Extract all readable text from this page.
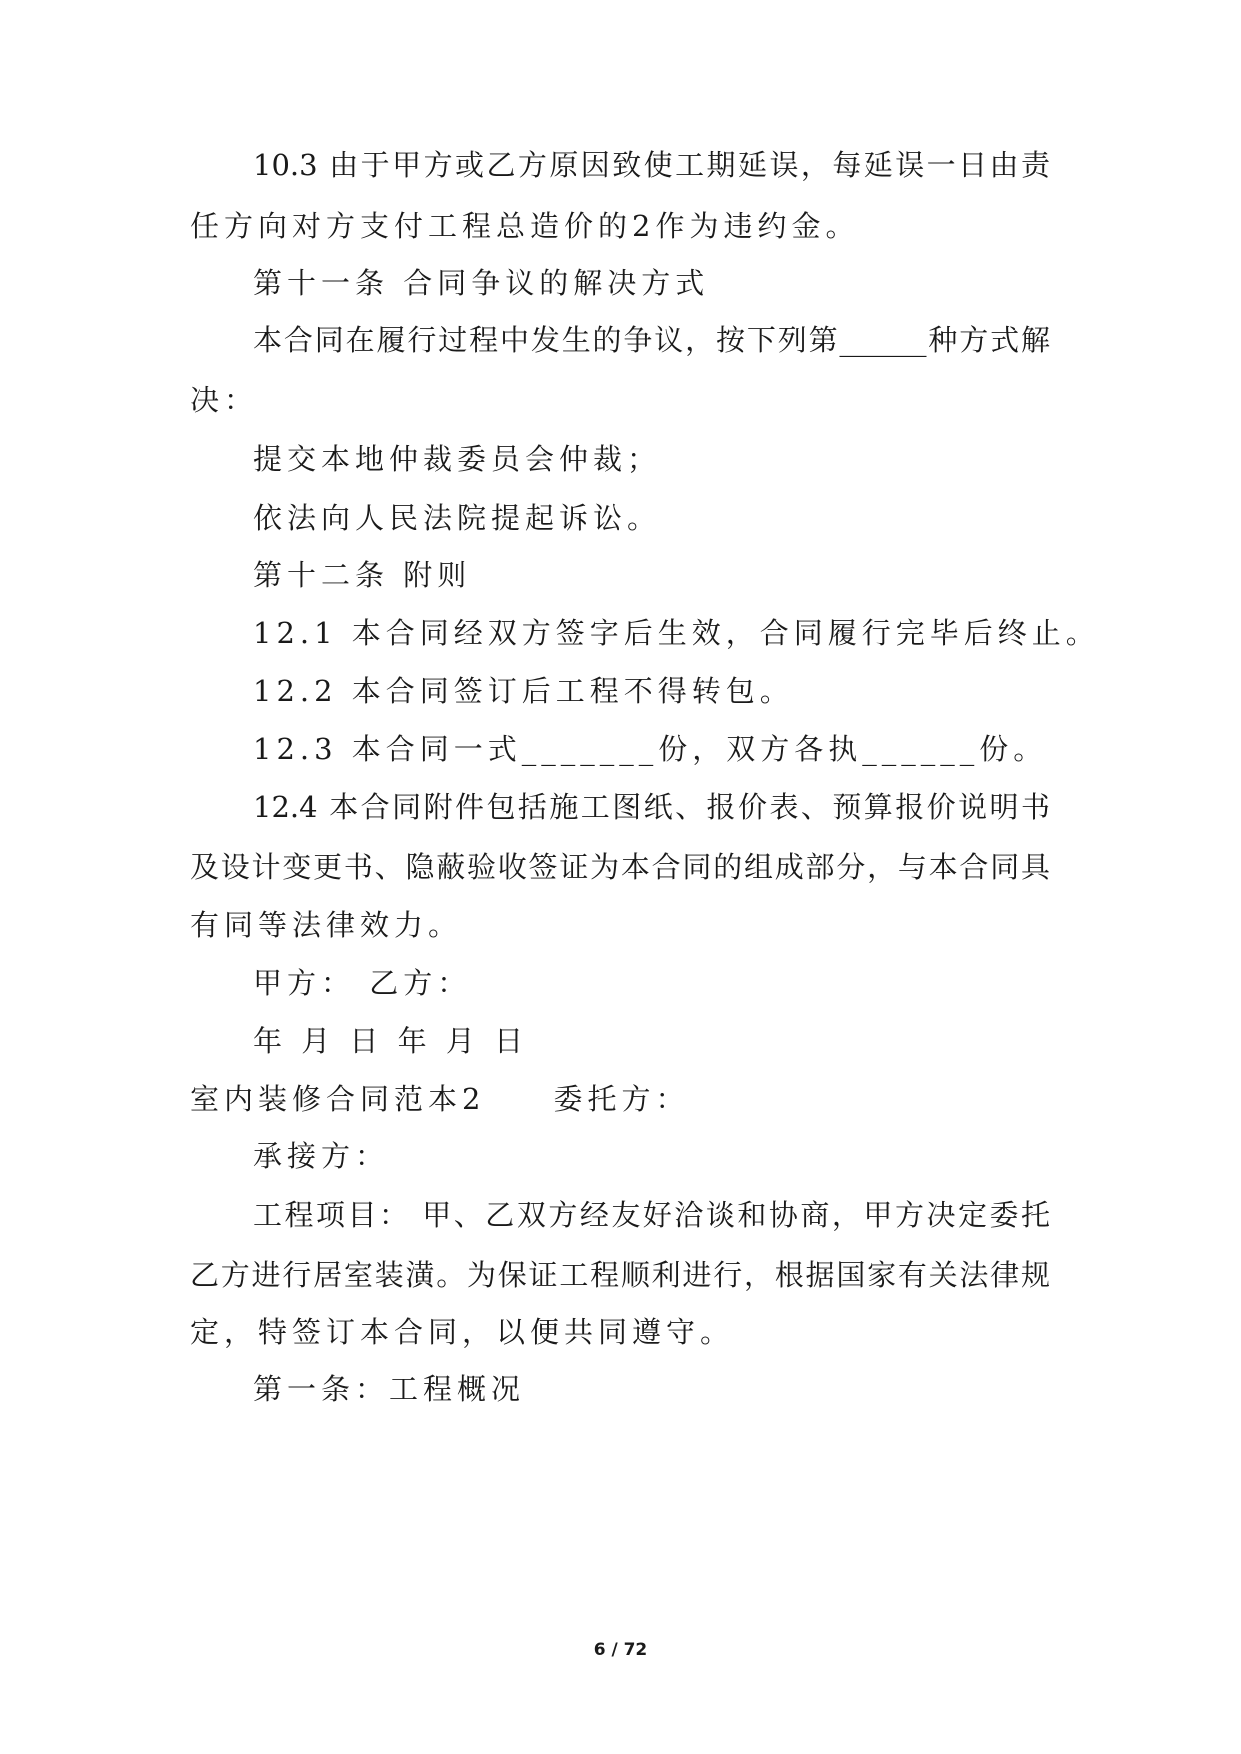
10.3 由于甲方或乙方原因致使工期延误，每延误一日由责
任方向对方支付工程总造价的2作为违约金。
第十一条 合同争议的解决方式
本合同在履行过程中发生的争议，按下列第______种方式解
决：
提交本地仲裁委员会仲裁；
依法向人民法院提起诉讼。
第十二条 附则
12.1 本合同经双方签字后生效，合同履行完毕后终止。
12.2 本合同签订后工程不得转包。
12.3 本合同一式_______份，双方各执______份。
12.4 本合同附件包括施工图纸、报价表、预算报价说明书
及设计变更书、隐蔽验收签证为本合同的组成部分，与本合同具
有同等法律效力。
甲方： 乙方：
年 月 日 年 月 日
室内装修合同范本2　　委托方：
承接方：
工程项目： 甲、乙双方经友好洽谈和协商，甲方决定委托
乙方进行居室装潢。为保证工程顺利进行，根据国家有关法律规
定，特签订本合同，以便共同遵守。
第一条：工程概况
6 / 72
